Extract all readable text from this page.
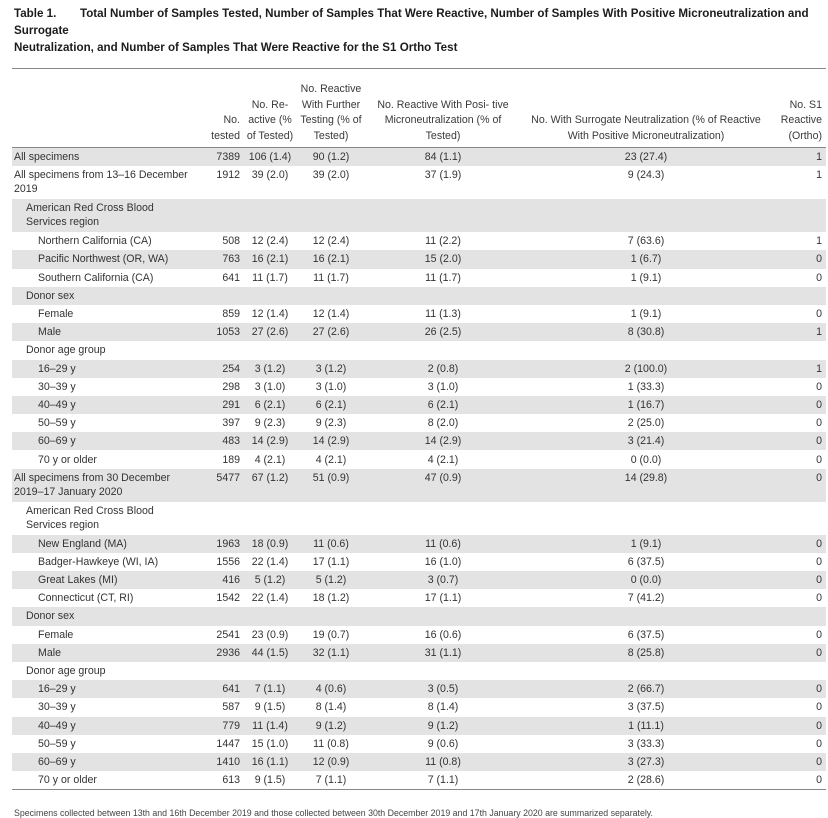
Table 1. Total Number of Samples Tested, Number of Samples That Were Reactive, Number of Samples With Positive Microneutralization and Surrogate
Neutralization, and Number of Samples That Were Reactive for the S1 Ortho Test
	No. tested	No. Re- active (% of Tested)	No. Reactive With Further Testing (% of Tested)	No. Reactive With Posi- tive Microneutralization (% of Tested)	No. With Surrogate Neutralization (% of Reactive With Positive Microneutralization)	No. S1 Reactive (Ortho)

All specimens	7389	106 (1.4)	90 (1.2)	84 (1.1)	23 (27.4)	1

All specimens from 13–16 December 2019	1912	39 (2.0)	39 (2.0)	37 (1.9)	9 (24.3)	1

American Red Cross Blood Services region						

Northern California (CA)	508	12 (2.4)	12 (2.4)	11 (2.2)	7 (63.6)	1

Pacific Northwest (OR, WA)	763	16 (2.1)	16 (2.1)	15 (2.0)	1 (6.7)	0

Southern California (CA)	641	11 (1.7)	11 (1.7)	11 (1.7)	1 (9.1)	0

Donor sex						

Female	859	12 (1.4)	12 (1.4)	11 (1.3)	1 (9.1)	0

Male	1053	27 (2.6)	27 (2.6)	26 (2.5)	8 (30.8)	1

Donor age group						

16–29 y	254	3 (1.2)	3 (1.2)	2 (0.8)	2 (100.0)	1

30–39 y	298	3 (1.0)	3 (1.0)	3 (1.0)	1 (33.3)	0

40–49 y	291	6 (2.1)	6 (2.1)	6 (2.1)	1 (16.7)	0

50–59 y	397	9 (2.3)	9 (2.3)	8 (2.0)	2 (25.0)	0

60–69 y	483	14 (2.9)	14 (2.9)	14 (2.9)	3 (21.4)	0

70 y or older	189	4 (2.1)	4 (2.1)	4 (2.1)	0 (0.0)	0

All specimens from 30 December 2019–17 January 2020	5477	67 (1.2)	51 (0.9)	47 (0.9)	14 (29.8)	0

American Red Cross Blood Services region						

New England (MA)	1963	18 (0.9)	11 (0.6)	11 (0.6)	1 (9.1)	0

Badger-Hawkeye (WI, IA)	1556	22 (1.4)	17 (1.1)	16 (1.0)	6 (37.5)	0

Great Lakes (MI)	416	5 (1.2)	5 (1.2)	3 (0.7)	0 (0.0)	0

Connecticut (CT, RI)	1542	22 (1.4)	18 (1.2)	17 (1.1)	7 (41.2)	0

Donor sex						

Female	2541	23 (0.9)	19 (0.7)	16 (0.6)	6 (37.5)	0

Male	2936	44 (1.5)	32 (1.1)	31 (1.1)	8 (25.8)	0

Donor age group						

16–29 y	641	7 (1.1)	4 (0.6)	3 (0.5)	2 (66.7)	0

30–39 y	587	9 (1.5)	8 (1.4)	8 (1.4)	3 (37.5)	0

40–49 y	779	11 (1.4)	9 (1.2)	9 (1.2)	1 (11.1)	0

50–59 y	1447	15 (1.0)	11 (0.8)	9 (0.6)	3 (33.3)	0

60–69 y	1410	16 (1.1)	12 (0.9)	11 (0.8)	3 (27.3)	0

70 y or older	613	9 (1.5)	7 (1.1)	7 (1.1)	2 (28.6)	0
Specimens collected between 13th and 16th December 2019 and those collected between 30th December 2019 and 17th January 2020 are summarized separately.
